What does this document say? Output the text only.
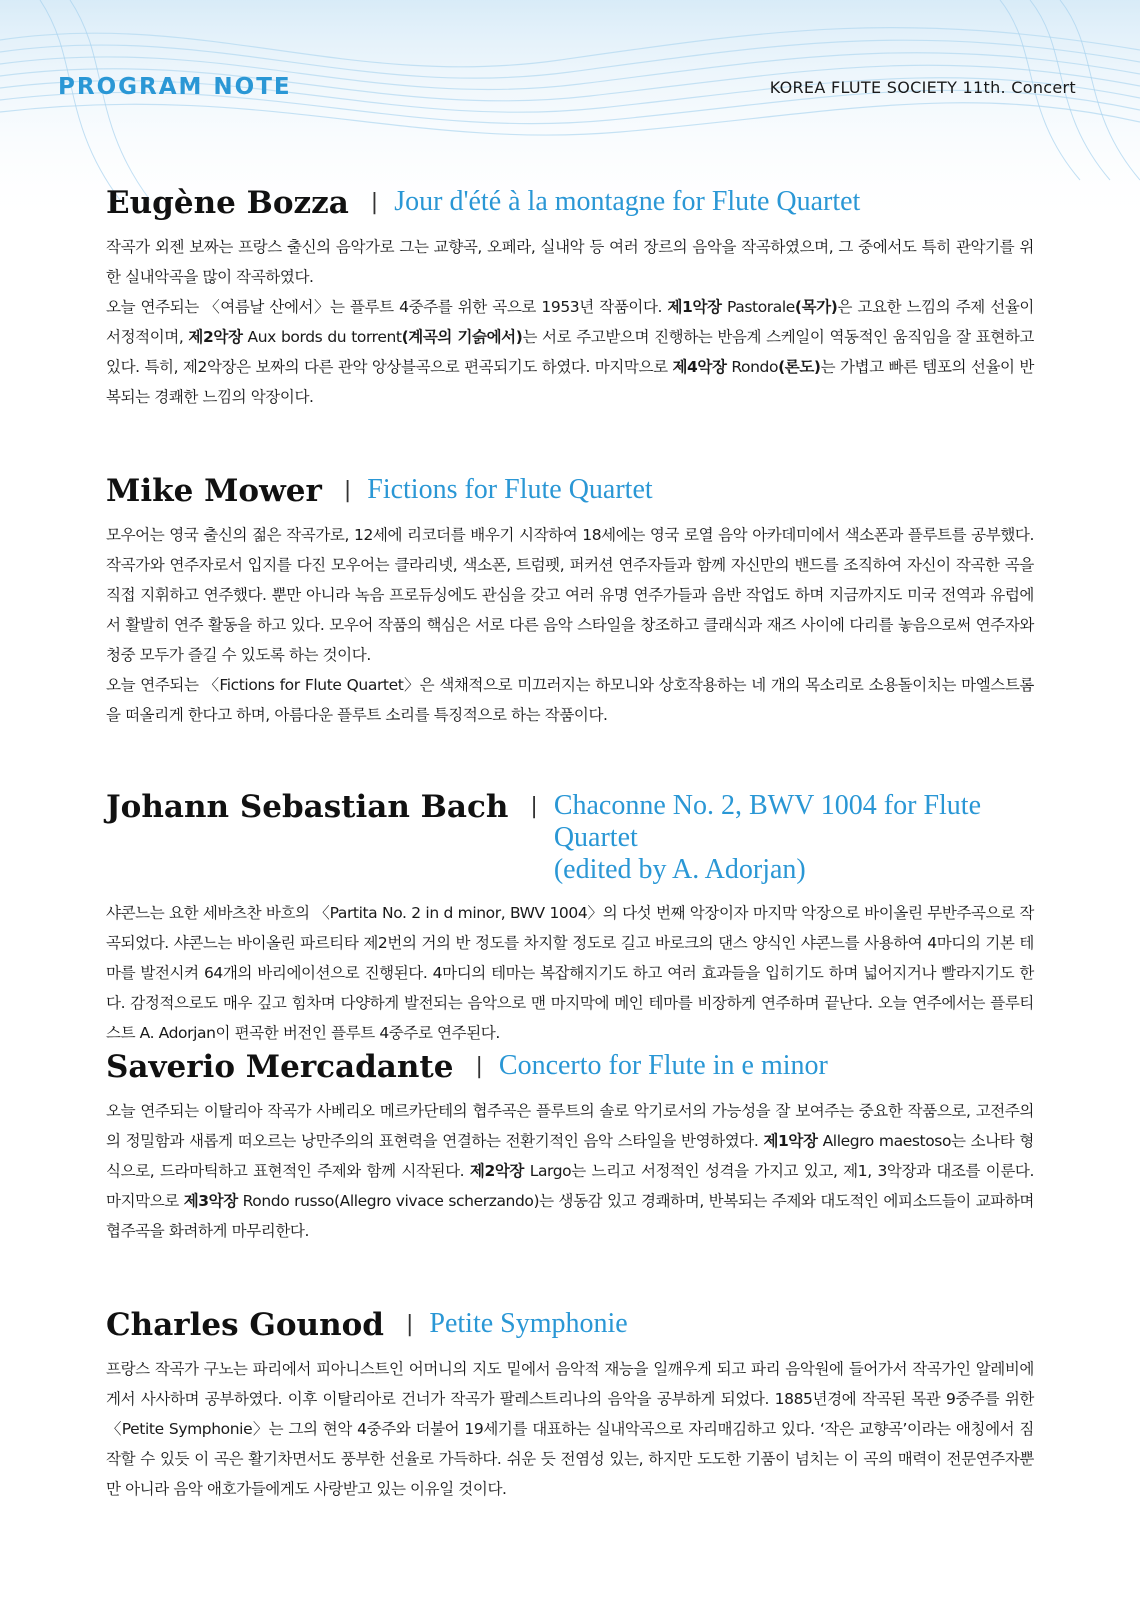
PROGRAM NOTE	KOREA FLUTE SOCIETY 11th. Concert
Eugène Bozza | Jour d'été à la montagne for Flute Quartet

작곡가 외젠 보짜는 프랑스 출신의 음악가로 그는 교향곡, 오페라, 실내악 등 여러 장르의 음악을 작곡하였으며, 그 중에서도 특히 관악기를 위한 실내악곡을 많이 작곡하였다.

오늘 연주되는 〈여름날 산에서〉는 플루트 4중주를 위한 곡으로 1953년 작품이다. 제1악장 Pastorale(목가)은 고요한 느낌의 주제 선율이 서정적이며, 제2악장 Aux bords du torrent(계곡의 기슭에서)는 서로 주고받으며 진행하는 반음계 스케일이 역동적인 움직임을 잘 표현하고 있다. 특히, 제2악장은 보짜의 다른 관악 앙상블곡으로 편곡되기도 하였다. 마지막으로 제4악장 Rondo(론도)는 가볍고 빠른 템포의 선율이 반복되는 경쾌한 느낌의 악장이다.

Mike Mower | Fictions for Flute Quartet

모우어는 영국 출신의 젊은 작곡가로, 12세에 리코더를 배우기 시작하여 18세에는 영국 로열 음악 아카데미에서 색소폰과 플루트를 공부했다. 작곡가와 연주자로서 입지를 다진 모우어는 클라리넷, 색소폰, 트럼펫, 퍼커션 연주자들과 함께 자신만의 밴드를 조직하여 자신이 작곡한 곡을 직접 지휘하고 연주했다. 뿐만 아니라 녹음 프로듀싱에도 관심을 갖고 여러 유명 연주가들과 음반 작업도 하며 지금까지도 미국 전역과 유럽에서 활발히 연주 활동을 하고 있다. 모우어 작품의 핵심은 서로 다른 음악 스타일을 창조하고 클래식과 재즈 사이에 다리를 놓음으로써 연주자와 청중 모두가 즐길 수 있도록 하는 것이다.

오늘 연주되는 〈Fictions for Flute Quartet〉은 색채적으로 미끄러지는 하모니와 상호작용하는 네 개의 목소리로 소용돌이치는 마엘스트롬을 떠올리게 한다고 하며, 아름다운 플루트 소리를 특징적으로 하는 작품이다.

Johann Sebastian Bach | Chaconne No. 2, BWV 1004 for Flute Quartet
(edited by A. Adorjan)

샤콘느는 요한 세바츠찬 바흐의 〈Partita No. 2 in d minor, BWV 1004〉의 다섯 번째 악장이자 마지막 악장으로 바이올린 무반주곡으로 작곡되었다. 샤콘느는 바이올린 파르티타 제2번의 거의 반 정도를 차지할 정도로 길고 바로크의 댄스 양식인 샤콘느를 사용하여 4마디의 기본 테마를 발전시켜 64개의 바리에이션으로 진행된다. 4마디의 테마는 복잡해지기도 하고 여러 효과들을 입히기도 하며 넓어지거나 빨라지기도 한다. 감정적으로도 매우 깊고 힘차며 다양하게 발전되는 음악으로 맨 마지막에 메인 테마를 비장하게 연주하며 끝난다. 오늘 연주에서는 플루티스트 A. Adorjan이 편곡한 버전인 플루트 4중주로 연주된다.

Saverio Mercadante | Concerto for Flute in e minor

오늘 연주되는 이탈리아 작곡가 사베리오 메르카단테의 협주곡은 플루트의 솔로 악기로서의 가능성을 잘 보여주는 중요한 작품으로, 고전주의의 정밀함과 새롭게 떠오르는 낭만주의의 표현력을 연결하는 전환기적인 음악 스타일을 반영하였다. 제1악장 Allegro maestoso는 소나타 형식으로, 드라마틱하고 표현적인 주제와 함께 시작된다. 제2악장 Largo는 느리고 서정적인 성격을 가지고 있고, 제1, 3악장과 대조를 이룬다. 마지막으로 제3악장 Rondo russo(Allegro vivace scherzando)는 생동감 있고 경쾌하며, 반복되는 주제와 대도적인 에피소드들이 교파하며 협주곡을 화려하게 마무리한다.

Charles Gounod | Petite Symphonie

프랑스 작곡가 구노는 파리에서 피아니스트인 어머니의 지도 밑에서 음악적 재능을 일깨우게 되고 파리 음악원에 들어가서 작곡가인 알레비에게서 사사하며 공부하였다. 이후 이탈리아로 건너가 작곡가 팔레스트리나의 음악을 공부하게 되었다. 1885년경에 작곡된 목관 9중주를 위한 〈Petite Symphonie〉는 그의 현악 4중주와 더불어 19세기를 대표하는 실내악곡으로 자리매김하고 있다. ‘작은 교향곡’이라는 애칭에서 짐작할 수 있듯 이 곡은 활기차면서도 풍부한 선율로 가득하다. 쉬운 듯 전염성 있는, 하지만 도도한 기품이 넘치는 이 곡의 매력이 전문연주자뿐만 아니라 음악 애호가들에게도 사랑받고 있는 이유일 것이다.
